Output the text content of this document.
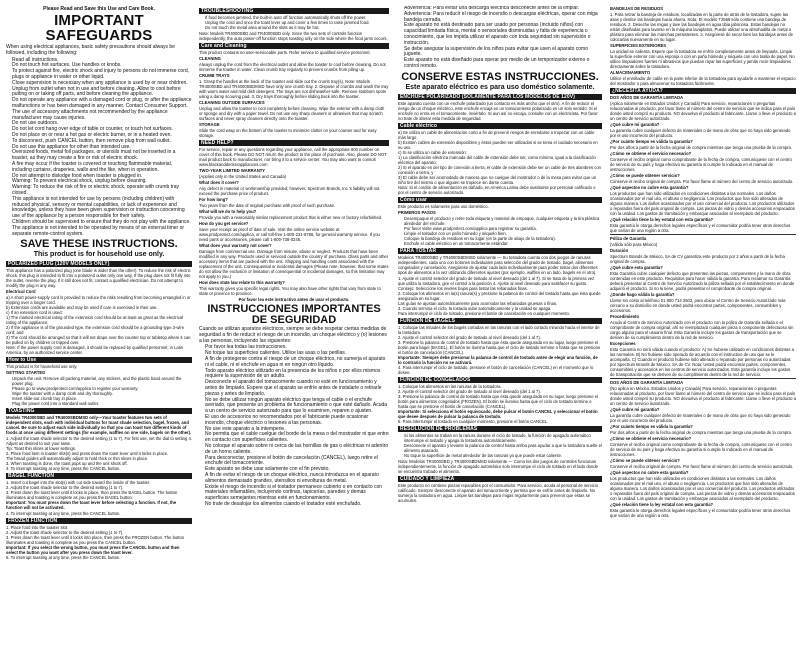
Please Read and Save this Use and Care Book.
IMPORTANT SAFEGUARDS

When using electrical appliances, basic safety precautions should always be followed, including the following:

• Read all instructions.
• Do not touch hot surfaces. Use handles or knobs.
• To protect against fire, electric shock and injury to persons do not immerse cord, plugs or appliance in water or other liquid.
• Close supervision is necessary when any appliance is used by or near children.
• Unplug from outlet when not in use and before cleaning. Allow to cool before putting on or taking off parts, and before cleaning the appliance.
• Do not operate any appliance with a damaged cord or plug, or after the appliance malfunctions or has been damaged in any manner. Contact Consumer Support.
• The use of accessory attachments not recommended by the appliance manufacturer may cause injuries.
• Do not use outdoors.
• Do not let cord hang over edge of table or counter, or touch hot surfaces.
• Do not place on or near a hot gas or electric burner, or in a heated oven.
• To disconnect, push CANCEL button, then remove plug from wall outlet.
• Do not use this appliance for other than intended use.
• Oversized foods, metal foil packages, or utensils must not be inserted in a toaster, as they may create a fire or risk of electric shock.
• A fire may occur if the toaster is covered or touching flammable material, including curtains, draperies, walls and the like, when in operation.
• Do not attempt to dislodge food when toaster is plugged in.
• Warning: To prevent electrical shock, unplug before cleaning.
• Warning: To reduce the risk of fire or electric shock, operate with crumb tray closed.
• This appliance is not intended for use by persons (including children) with reduced physical, sensory or mental capabilities, or lack of experience and knowledge, unless they have been given supervision or instruction concerning use of the appliance by a person responsible for their safety.
• Children should be supervised to ensure that they do not play with the appliance.
• The appliance is not intended to be operated by means of an external timer or separate remote-control system.
SAVE THESE INSTRUCTIONS.
This product is for household use only.
POLARIZED PLUG (120V MODELS ONLY)

This appliance has a polarized plug (one blade is wider than the other). To reduce the risk of electric shock, this plug is intended to fit into a polarized outlet only one way. If the plug does not fit fully into the outlet, reverse the plug. If it still does not fit, contact a qualified electrician. Do not attempt to modify the plug in any way.

Electrical Cord

a) A short power-supply cord is provided to reduce the risks resulting from becoming entangled in or tripping over a longer cord.
b) Extension cords are available and may be used if care is exercised in their use.
c) If an extension cord is used:
1) The marked electrical rating of the extension cord should be at least as great as the electrical rating of the appliance;
2) If the appliance is of the grounded type, the extension cord should be a grounding-type 3-wire cord; and
3) The cord should be arranged so that it will not drape over the counter top or tabletop where it can be pulled on by children or tripped over.

Note: If the power supply cord is damaged, it should be replaced by qualified personnel; in Latin America, by an authorized service center.

How to Use

This product is for household use only.

GETTING STARTED

• Unpack the unit. Remove all packing material, any stickers, and the plastic band around the power plug.
• Please go to www.prodprotect.com/applica to register your warranty.
• Wipe the toaster with a damp cloth and dry thoroughly.
• Insert slide-out crumb tray in place.
• Plug the power cord into a standard wall outlet.
TOASTING

Models TR4000SBD and TR4000SBDMSD only—Your toaster features two sets of independent slots, each with individual buttons for toast shade selection, bagel, frozen, and cancel. Be sure to adjust each side individually so that you can toast two different kinds of foods at once using different settings (for example, waffles on one side, bagels on the other).

1. Adjust the toast shade selector to the desired setting (1 to 7). For first use, set the dial to setting 4. Adjust as desired to suit your taste.
Tip: Toast thin slices at lower settings.
2. Place food item in toaster slot(s) and press down the toast lever until it locks in place.
The bread guides will automatically adjust to hold thick or thin slices in place.
3. When toasting is done, the toast pops up and the unit shuts off.
4. To interrupt toasting at any time, press the CANCEL button.
BAGEL FUNCTION
1. Insert cut bagel into the slot(s) with cut side toward the inside of the toaster.
2. Adjust the toast shade selector to the desired setting (1 to 7).
3. Press down the toast lever until it locks in place, then press the BAGEL button. The button illuminates and toasting is complete as you press the BAGEL button.

Important: You must press down the toast lever before selecting a function. If not, the function will not be activated.

4. To interrupt toasting at any time, press the CANCEL button.

FROZEN FUNCTION
1. Place food into the toaster slot.
2. Adjust the toast shade selector to the desired setting (1 to 7).
3. Press down the toast lever until it locks into place, then press the FROZEN button. The button illuminates and toasting is complete as you press the CANCEL button.
Important: If you select the wrong button, you must press the CANCEL button and then select the button you want after you press down the toast lever.
5. To interrupt toasting at any time, press the CANCEL button.
TROUBLESHOOTING
• If food becomes jammed, the built-in auto off function automatically shuts off the power.
• Unplug the cord and once the toast lever up and cover a few times to raise jammed food.
• Do not touch the metal area around the slots as it may be hot.

Note: Models TR4000SBD and TR4000SBD only. Since the two sets of controls function independently, the auto power-off function stops toasting only on the side where the food jams occurs.

Care and Cleaning

This product contains no user-serviceable parts. Refer service to qualified service personnel.

CLEANING

Always unplug the cord from the electrical outlet and allow the toaster to cool before cleaning. Do not immerse the toaster in water. Clean crumb tray regularly to prevent crumbs from piling up.

CRUMB TRAYS

1. Grasp the handles at the back of the toaster and slide out the crumb tray(s). Note: Models TR4000SBD and TR4000SBDMSD have only one crumb tray. 2. Dispose of crumbs and wash the tray with warm water and mild dish detergent. The trays are not dishwasher-safe. Remove stubborn spots using a damp scouring pad. 3. Dry trays thoroughly before sliding back into the toaster.

CLEANING OUTSIDE SURFACES

Unplug and allow the toaster to cool completely before cleaning. Wipe the exterior with a damp cloth or sponge and dry with a paper towel. Do not use any sharp cleaners or abrasives that may scratch surfaces and never spray cleaners directly onto the toaster.

STORAGE

Slide the cord wrap on the bottom of the toaster to minimize clutter on your counter and for easy storage.

NEED HELP?

For service, repair or any questions regarding your appliance, call the appropriate 800 number on cover of this book. Please DO NOT return the product to the place of purchase. Also, please DO NOT mail product back to manufacturer, nor bring it to a service center. You may also want to consult www.blackanddeckerappliances.com

TWO-YEAR LIMITED WARRANTY

(Applies only in the United States and Canada)

What does it cover?

Any defect in material or workmanship provided; however, Spectrum Brands, Inc.'s liability will not exceed the purchase price of product.

For how long?

Two years from the date of original purchase with proof of such purchase.

What will we do to help you?

Provide you with a reasonably similar replacement product that is either new or factory refurbished.

How do you get service?

Save your receipt as proof of date of sale. Visit the online service website at www.prodprotect.com/applica, or call toll-free 1-800-231-9786, for general warranty service. If you need parts or accessories, please call 1-800-738-0245.

What does your warranty not cover?

Damage from commercial use. Damage from misuse, abuse or neglect. Products that have been modified in any way. Products used or serviced outside the country of purchase. Glass parts and other accessory items that are packed with the unit. Shipping and handling costs associated with the replacement of the unit. Consequential or incidental damages (Please note, however, that some states do not allow the exclusion or limitation of consequential or incidental damages, so this limitation may not apply to you.)

How does state law relate to this warranty?

This warranty gives you specific legal rights. You may also have other rights that vary from state to state or province to province.

Por favor lea este instructivo antes de usar el producto.

INSTRUCCIONES IMPORTANTES DE SEGURIDAD

Cuando se utilizan aparatos eléctricos, siempre se debe respetar ciertas medidas de seguridad a fin de reducir el riesgo de un incendio, un choque eléctrico y (o) lesiones a las personas, incluyendo las siguientes:

• Por favor lea todas las instrucciones.
• No toque las superficies calientes. Utilice las asas o las perillas.
• A fin de protegerse contra el riesgo de un choque eléctrico, no sumerja el aparato ni el cable, ni el enchufe en agua ni en ningún otro líquido.
• Todo aparato eléctrico utilizado en la presencia de los niños o por ellos mismos requiere la supervisión de un adulto.
• Desconecte el aparato del tomacorriente cuando no esté en funcionamiento y antes de limpiarlo. Espere que el aparato se enfríe antes de instalarle o retirarle piezas y antes de limpiarlo.
• No se debe utilizar ningún aparato eléctrico que tenga el cable o el enchufe averiado, que presente un problema de funcionamiento o que esté dañado. Acuda a un centro de servicio autorizado para que lo examinen, reparen o ajusten.
• El uso de accesorios no recomendados por el fabricante puede ocasionar incendio, choque eléctrico o lesiones a las personas.
• No use este aparato a la intemperie.
• No permita que el cable cuelgue del borde de la mesa o del mostrador ni que entre en contacto con superficies calientes.
• No coloque el aparato sobre ni cerca de las hornillas de gas o eléctricas ni adentro de un horno caliente.
• Para desconectar, presione el botón de cancelación (CANCEL), luego retire el enchufe del tomacorriente.
• Este aparato se debe usar solamente con el fin previsto.
• A fin de evitar el riesgo de un choque eléctrico, nunca introduzca en el aparato alimentos demasiado grandes, utensilios ni envolturas de metal.
• Existe el riesgo de incendio si el tostador permanece cubierto o en contacto con materiales inflamables, incluyendo cortinas, tapicerías, paredes y demás superficies semejantes mientras esté en funcionamiento.
• No trate de desalojar los alimentos cuando el tostador esté enchufado.
• Advertencia: Para evitar una descarga eléctrica desconecte antes de la limpiar.
• Advertencia: Para reducir el riesgo de incendio o descargas eléctricas, operar con miga bandeja cerrada.
• Este aparato no está destinado para ser usado por personas (incluido niños) con capacidad limitada física, mental o sensoriales disminuidas y falta de experiencia o conocimiento, que les impida utilizar el aparato con toda seguridad sin supervisión o instrucción.
• Se debe asegurar la supervisión de los niños para evitar que usen el aparato como juguete.
• Este aparato no está diseñado para operar por medio de un temporizador externo o control remoto.
CONSERVE ESTAS INSTRUCCIONES.
Este aparato eléctrico es para uso doméstico solamente.
ENCHUFE POLARIZADO (SOLAMENTE PARA LOS MODELOS DE 120V)

Este aparato cuenta con un enchufe polarizado (un contacto es más ancho que el otro). A fin de reducir el riesgo de un choque eléctrico, este enchufe encaja en un tomacorriente polarizado en un solo sentido. Si el enchufe no entra en el tomacorriente, inviértalo. Si aun así no encaja, consulte con un electricista. Por favor no trate de alterar esta medida de seguridad.

Cable eléctrico
a) Se utiliza un cable de alimentación corto a fin de prevenir riesgos de enredarse o tropezar con un cable más largo.
b) Existen cables de extensión disponibles y éstos pueden ser utilizados si se toma el cuidado necesario en su uso.
c) Si se utiliza un cable de extensión:
1) La clasificación eléctrica marcada del cable de extensión debe ser, como mínimo, igual a la clasificación eléctrica del aparato;
2) Si el aparato es del tipo de conexión a tierra, el cable de extensión debe ser un cable de tres alambres con conexión a tierra, y
3) El cable debe ser acomodado de manera que no cuelgue del mostrador o de la mesa para evitar que un niño tire del mismo o que alguien se tropiece sin darse cuenta.

Nota: Si el cordón de alimentación es dañado, en América Latina debe sustituirse por personal calificado o por el centro de servicio autorizado.

Cómo usar

Este producto es solamente para uso doméstico.

PRIMEROS PASOS

• Desempaque el producto y retire toda etiqueta y material de empaque, cualquier etiqueta y la tira plástica alrededor del enchufe.
• Por favor visite www.prodprotect.com/applica para registrar su garantía.
• Limpie el tostador con un paño húmedo y séquelo bien.
• Coloque la bandeja de residuos en su lugar (en la parte de abajo de la tostadora).
• Enchufe el cable eléctrico en un tomacorriente estándar.
PARA TOSTAR

Modelos TR4000SBD y TR4000SBDMSD solamente — Su tostadora cuenta con dos juegos de ranuras independientes, cada uno con botones individuales para selección del grado de tostado, bagel, alimentos congelados y cancelación. Asegúrese de ajustar cada lado individualmente para poder tostar dos diferentes tipos de alimentos a la vez utilizando diferentes ajustes (por ejemplo, waffles en un lado, bagels en el otro).

1. Ajuste el control selector del grado de tostado al nivel deseado (del 1 al 7). Si se trata de la primera vez que utiliza la tostadora, gire el control a la posición 4. Ajuste al nivel deseado para satisfacer su gusto.
Consejo: Seleccione los niveles bajos para tostar las rebanadas finas.
2. Coloque los alimentos en la(s) ranura(s) y presione la palanca de control del tostado hasta que ésta quede asegurada en su lugar.
Las guías se ajustan automáticamente para acomodar las rebanadas gruesas o finas.
3. Cuando termina el ciclo, la tostada sube automáticamente y la unidad se apaga.
Para interrumpir el ciclo de tostado, presione el botón de cancelación en cualquier momento.
FUNCIÓN DE BAGELS
1. Coloque las mitades de los bagels cortadas en las ranuras con el lado cortado mirando hacia el interior de la tostadora.
2. Ajuste el control selector del grado de tostado al nivel deseado (del 1 al 7).
3. Presione la palanca de control de tostado hasta que ésta quede asegurada en su lugar, luego presione el botón para bagel (BAGEL). El botón se ilumina hasta que el ciclo de tostado termine o hasta que se presione el botón de cancelación (CANCEL).
Importante: Siempre debe presionar la palanca de control de tostado antes de elegir una función, de lo contrario la función no se activará.
4. Para interrumpir el ciclo de tostado, presione el botón de cancelación (CANCEL) en el momento que lo desee.
FUNCIÓN DE CONGELADOS
1. Coloque los alimentos en las ranuras de la tostadora.
2. Ajuste el control selector del grado de tostado al nivel deseado (del 1 al 7).
3. Presione la palanca de control de tostado hasta que ésta quede asegurada en su lugar, luego presione el botón para alimentos congelados (FROZEN). El botón se ilumina hasta que el ciclo de tostado termine o hasta que se presione el botón de cancelación (CANCEL).
Importante: Si selecciona el botón equivocado, debe pulsar el botón CANCEL y seleccionar el botón que desee después de pulsar la palanca de tostado.
5. Para interrumpir el tostado en cualquier momento, presione el botón CANCEL.
RESOLUCIÓN DE PROBLEMAS
• Si los alimentos se traban en la ranura durante el ciclo de tostado, la función de apagado automático interrumpe el tostado y apaga la tostadora automáticamente.
• Desconecte el aparato y levante la palanca de control hasta arriba para ayudar a que la tostadora suelte el alimento atascado.
• No toque la superficie de metal alrededor de las ranuras ya que puede estar caliente.

Nota: Modelos TR4000SBD y TR4000SBDMSD solamente — Como los dos juegos de controles funcionan independientemente, la función de apagado automático solo interrumpe el ciclo de tostado en el lado donde se encuentra trabado el alimento.

CUIDADO Y LIMPIEZA

Este producto no contiene piezas reparables por el consumidor. Para servicio, acuda al personal de servicio calificado. Siempre desconecte el aparato del tomacorriente y permita que se enfríe antes de limpiarlo. No sumerja la tostadora en agua. Limpie las bandejas para migas regularmente para prevenir que éstas se acumulen.

BANDEJAS DE RESIDUOS

1. Para retirar la bandeja de residuos, localizadas en la parte de atrás de la tostadora, sujete las asas y deslice las bandejas hacia afuera. Nota: El modelo T2569 sólo contiene una bandeja de residuos. 2. Deseche las migas y lave las bandejas en agua tibia jabonosa. Estas bandejas no están diseñadas para lavarse en la máquina lavaplatos. Puede utilizar una almohadilla de metal o plástico para eliminar las manchas persistentes. 3. Asegúrese de secar bien las bandejas antes de colocarlas nuevamente en su lugar.

SUPERFICIES EXTERIORES

La unidad se calienta. Espere que la tostadora se enfríe completamente antes de limpiarla. Limpie la superficie exterior con una esponja o con un paño húmedo y séquela con una toalla de papel. No utilice limpiadores fuertes ni abrasivos que puedan rayar las superficies y jamás rocíe limpiadores directamente sobre la tostadora.

ALMACENAMIENTO

Utilice el enrollador de cable en la parte inferior de la tostadora para ayudarle a mantener el espacio del mostrador o para almacenar su tostadora fácilmente.

¿NECESITA AYUDA?

DOS AÑOS DE GARANTÍA LIMITADA

(Aplica solamente en Estados Unidos y Canadá) Para servicio, reparaciones o preguntas relacionadas al producto, por favor llame al número del centro de servicio que se indica para el país donde usted compró su producto. NO devuelva el producto al fabricante. Llame o lleve el producto a un centro de servicio autorizado.

¿Qué cubre mi garantía?

La garantía cubre cualquier defecto de materiales o de mano de obra que no haya sido generado por el uso incorrecto del producto.

¿Por cuánto tiempo es válida la garantía?

Por dos años a partir de la fecha original de compra mientras que tenga una prueba de la compra.

¿Cómo se obtiene el servicio necesario?

Conserve el recibo original como comprobante de la fecha de compra, comuníquese con el centro de servicio de su país y haga efectiva su garantía si cumple lo indicado en el manual de instrucciones.

¿Cómo se puede obtener servicio?

Conserve el recibo original de compra. Por favor llame al número del centro de servicio autorizado.

¿Qué aspectos no cubre esta garantía?

Los productos que han sido utilizados en condiciones distintas a las normales. Los daños ocasionados por el mal uso, el abuso o negligencia. Los productos que han sido alterados de alguna manera. Los daños ocasionados por el uso comercial del producto. Los productos utilizados o reparados fuera del país original de compra. Las piezas de vidrio y demás accesorios empacados con la unidad. Los gastos de tramitación y embarque asociados al reemplazo del producto.

¿Qué relación tiene la ley estatal con esta garantía?

Esta garantía le otorga derechos legales específicos y el consumidor podría tener otros derechos que varían de una región a otra.

Póliza de Garantía

(Válida sólo para México)

Duración

Spectrum Brands de México, SA de CV garantiza este producto por 2 años a partir de la fecha original de compra.

¿Qué cubre esta garantía?

Esta Garantía cubre cualquier defecto que presenten las piezas, componentes y la mano de obra contenidas en este producto. Requisitos para hacer válida la garantía. Para reclamar su Garantía deberá presentar al Centro de Servicio Autorizado la póliza sellada por el establecimiento en donde adquirió el producto. Si no la tiene, podrá presentar el comprobante de compra original.

¿Donde hago válida la garantía?

Llame sin costo al teléfono 01 800 714 2503, para ubicar el Centro de Servicio Autorizado más cercano a su domicilio en donde usted podrá encontrar partes, componentes, consumibles y accesorios.

Procedimiento

Acuda al Centro de Servicio Autorizado con el producto con la póliza de Garantía sellada o el comprobante de compra original, ahí se reemplazará cualquier pieza o componente defectuoso sin cargo alguno para el usuario final. Esta Garantía incluye los gastos de transportación que se deriven de su cumplimiento dentro de la red de servicio.

Excepciones

Esta Garantía no será válida cuando el producto: A) Se hubiese utilizado en condiciones distintas a las normales. B) No hubiese sido operado de acuerdo con el instructivo de uso que se le acompaña. C) Cuando el producto hubiese sido alterado o reparado por personas no autorizadas por Spectrum Brands de México, SA de CV. Nota: Usted podrá encontrar partes, componentes, consumibles y accesorios en los centros de servicio autorizados. Esta garantía incluye los gastos de transportación que se deriven de su cumplimiento dentro de la red de servicio.

DOS AÑOS DE GARANTÍA LIMITADA

(No aplica en México, Estados Unidos y Canadá) Para servicio, reparaciones o preguntas relacionadas al producto, por favor llame al número del centro de servicio que se indica para el país donde usted compró su producto. NO devuelva el producto al fabricante. Llame o lleve el producto a un centro de servicio autorizado.

¿Qué cubre mi garantía?

La garantía cubre cualquier defecto de materiales o de mano de obra que no haya sido generado por el uso incorrecto del producto.

¿Por cuánto tiempo es válida la garantía?

Por dos años a partir de la fecha original de compra mientras que tenga una prueba de la compra.

¿Cómo se obtiene el servicio necesario?

Conserve el recibo original como comprobante de la fecha de compra, comuníquese con el centro de servicio de su país y haga efectiva su garantía si cumple lo indicado en el manual de instrucciones.

¿Cómo se puede obtener servicio?

Conserve el recibo original de compra. Por favor llame al número del centro de servicio autorizado.

¿Qué aspectos no cubre esta garantía?

Los productos que han sido utilizados en condiciones distintas a las normales. Los daños ocasionados por el mal uso, el abuso o negligencia. Los productos que han sido alterados de alguna manera. Los daños ocasionados por el uso comercial del producto. Los productos utilizados o reparados fuera del país original de compra. Las piezas de vidrio y demás accesorios empacados con la unidad. Los gastos de tramitación y embarque asociados al reemplazo del producto.

¿Qué relación tiene la ley estatal con esta garantía?

Esta garantía le otorga derechos legales específicos y el consumidor podría tener otros derechos que varían de una región a otra.
